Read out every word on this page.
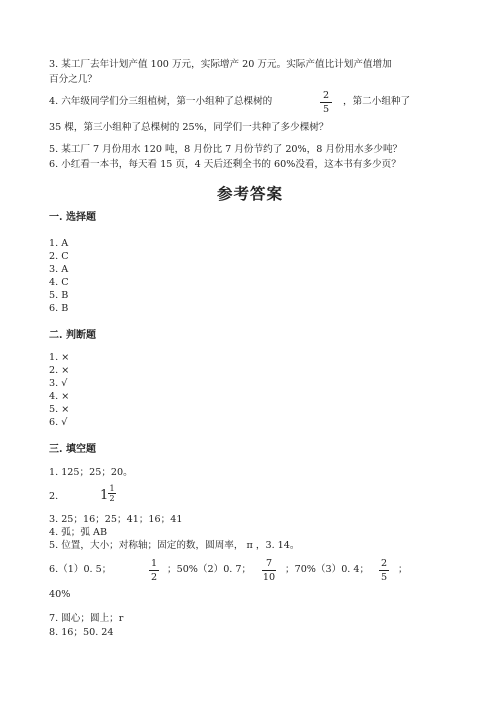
3. 某工厂去年计划产值 100 万元，实际增产 20 万元。实际产值比计划产值增加
百分之几？
4. 六年级同学们分三组植树，第一小组种了总棵树的
2
5
，第二小组种了
35 棵，第三小组种了总棵树的 25%，同学们一共种了多少棵树？
5. 某工厂 7 月份用水 120 吨，8 月份比 7 月份节约了 20%，8 月份用水多少吨？
6. 小红看一本书，每天看 15 页，4 天后还剩全书的 60%没看，这本书有多少页？
参考答案
一. 选择题
1. A
2. C
3. A
4. C
5. B
6. B
二. 判断题
1. ×
2. ×
3. √
4. ×
5. ×
6. √
三. 填空题
1. 125；25；20。
2.	1 1
2
3. 25；16；25；41；16；41
4. 弧；弧 AB
5. 位置，大小；对称轴；固定的数，圆周率， π ，3. 14。
6.（1）0. 5；
1
2
；50%（2）0. 7；
7
10
；70%（3）0. 4；
2
5
；
40%
7. 圆心；圆上；r
8. 16；50. 24
